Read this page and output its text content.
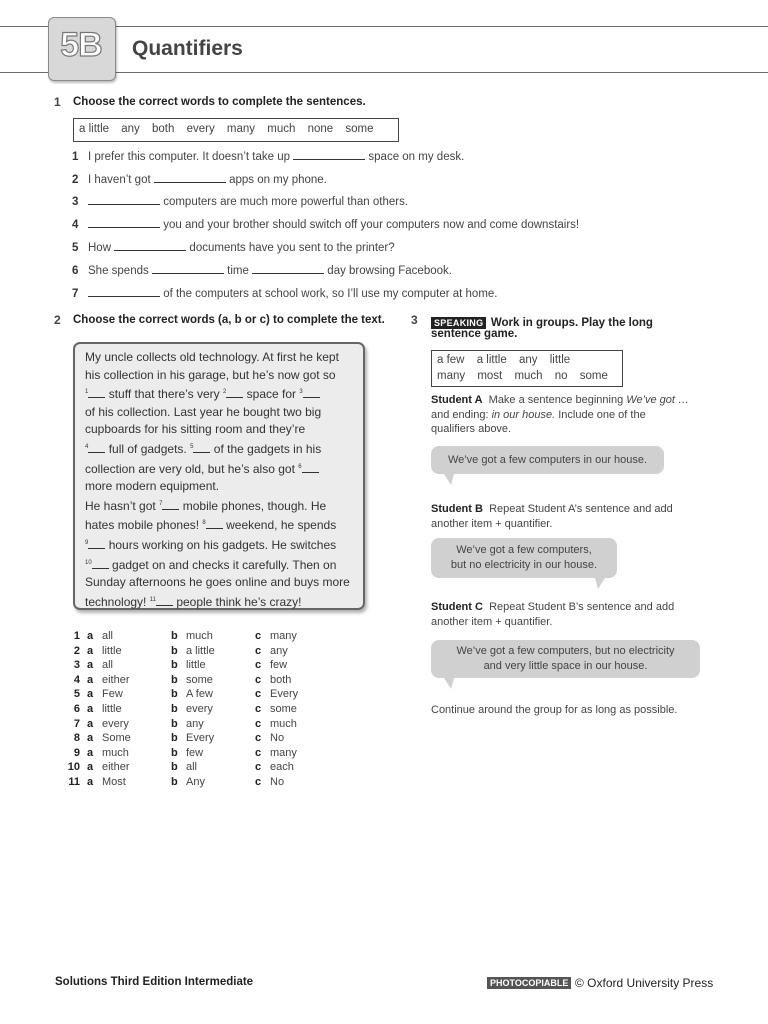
5B	Quantifiers
1 Choose the correct words to complete the sentences.
a little any both every many much none some
1 I prefer this computer. It doesn’t take up	space on my desk.
2 I haven’t got	apps on my phone.
3	computers are much more powerful than others.
4	you and your brother should switch off your computers now and come downstairs!
5 How	documents have you sent to the printer?
6 She spends	time	day browsing Facebook.
7	of the computers at school work, so I’ll use my computer at home.
2 Choose the correct words (a, b or c) to complete the text.
My uncle collects old technology. At first he kept
his collection in his garage, but he’s now got so
$^1$ stuff that there’s very $^2$ space for $^3$
of his collection. Last year he bought two big
cupboards for his sitting room and they’re
$^4$ full of gadgets. $^5$ of the gadgets in his
collection are very old, but he’s also got $^6$
more modern equipment.
He hasn’t got $^7$ mobile phones, though. He
hates mobile phones! $^8$ weekend, he spends
$^9$ hours working on his gadgets. He switches
$^{10}$ gadget on and checks it carefully. Then on
Sunday afternoons he goes online and buys more
technology! $^{11}$ people think he’s crazy!
1 a all	b much	c many
2 a little	b a little	c any
3 a all	b little	c few
4 a either	b some	c both
5 a Few	b A few	c Every
6 a little	b every	c some
7 a every	b any	c much
8 a Some	b Every	c No
9 a much	b few	c many
10 a either	b all	c each
11 a Most	b Any	c No
3	SPEAKING Work in groups. Play the long
sentence game.
a few a little any little
many most much no some
Student A Make a sentence beginning We’ve got …
and ending: in our house. Include one of the
qualifiers above.
We’ve got a few computers in our house.
Student B Repeat Student A’s sentence and add
another item + quantifier.
We’ve got a few computers,
but no electricity in our house.
Student C Repeat Student B’s sentence and add
another item + quantifier.
We’ve got a few computers, but no electricity
and very little space in our house.
Continue around the group for as long as possible.
Solutions Third Edition Intermediate	PHOTOCOPIABLE © Oxford University Press
